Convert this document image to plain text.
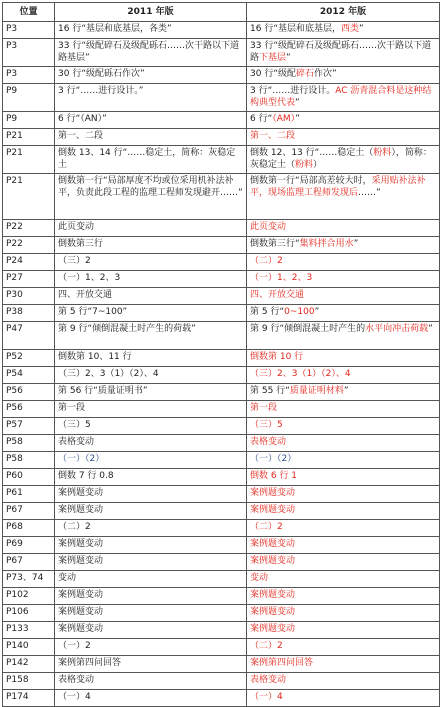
位置	2011 年版	2012 年版
P3	16 行“基层和底基层，各类”	16 行“基层和底基层，西类”
P3	33 行“级配碎石及级配砾石……次干路以下道路基层”	33 行“级配碎石及级配砾石……次干路以下道路下基层”
P3	30 行“级配砾石作次”	30 行“级配碎石作次”
P9	3 行“……进行设计。”	3 行“……进行设计。AC 沥青混合料是这种结构典型代表”
P9	6 行“（AN）”	6 行“（AM）”
P21	第一、二段	第一、二段
P21	倒数 13、14 行“……稳定土，简称：灰稳定土	倒数 12、13 行“……稳定土（粉料），简称：灰稳定土（粉料）
P21	倒数第一行“局部厚度不均或位采用机补法补平，负责此段工程的监理工程师发现避开……”	倒数第一行“局部高差较大时，采用贴补法补平，现场监理工程师发现后……”
P22	此页变动	此页变动
P22	倒数第三行	倒数第三行“集料拌合用水”
P24	（三）2	（二）2
P27	（一）1、2、3	（一）1、2、3
P30	四、开放交通	四、开放交通
P38	第 5 行“7~100”	第 5 行“0~100”
P47	第 9 行“倾倒混凝土时产生的荷载”	第 9 行“倾倒混凝土时产生的水平向冲击荷载”
P52	倒数第 10、11 行	倒数第 10 行
P54	（三）2、3（1）（2）、4	（三）2、3（1）（2）、4
P56	第 56 行“质量证明书”	第 55 行“质量证明材料”
P56	第一段	第一段
P57	（三）5	（三）5
P58	表格变动	表格变动
P58	（一）（2）	（一）（2）
P60	倒数 7 行 0.8	倒数 6 行 1
P61	案例题变动	案例题变动
P67	案例题变动	案例题变动
P68	（二）2	（二）2
P69	案例题变动	案例题变动
P67	案例题变动	案例题变动
P73、74	变动	变动
P102	案例题变动	案例题变动
P106	案例题变动	案例题变动
P133	案例题变动	案例题变动
P140	（一）2	（二）2
P142	案例第四问回答	案例第四问回答
P158	表格变动	表格变动
P174	（一）4	（一）4
